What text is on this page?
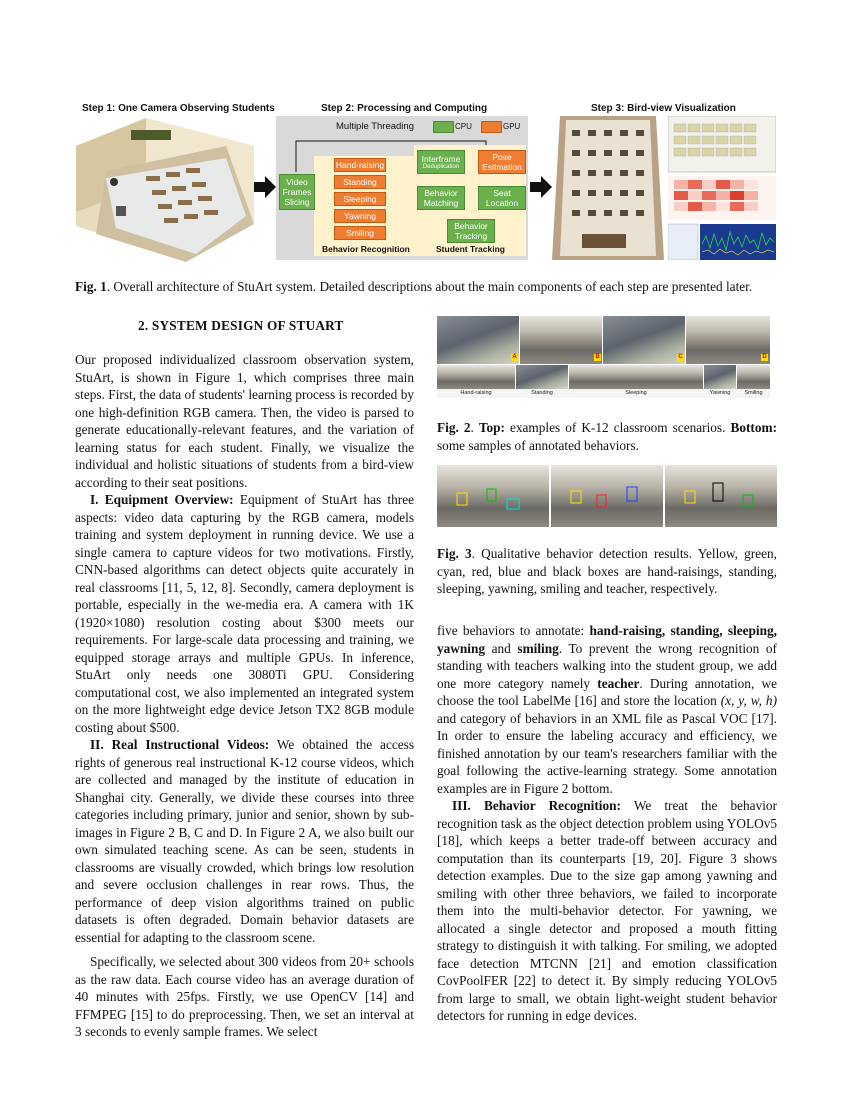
Step 1: One Camera Observing Students	Step 2: Processing and Computing	Step 3: Bird-view Visualization
Multiple Threading	CPU	GPU
Video Frames Slicing
Hand-raising
Standing
Sleeping
Yawning
Smiling
Interframe
Deduplication
Pose Estimation
Behavior Matching
Seat Location
Behavior Tracking
Behavior Recognition	Student Tracking
Fig. 1. Overall architecture of StuArt system. Detailed descriptions about the main components of each step are presented later.
2. SYSTEM DESIGN OF STUART

Our proposed individualized classroom observation system, StuArt, is shown in Figure 1, which comprises three main steps. First, the data of students' learning process is recorded by one high-definition RGB camera. Then, the video is parsed to generate educationally-relevant features, and the variation of learning status for each student. Finally, we visualize the individual and holistic situations of students from a bird-view according to their seat positions.

I. Equipment Overview: Equipment of StuArt has three aspects: video data capturing by the RGB camera, models training and system deployment in running device. We use a single camera to capture videos for two motivations. Firstly, CNN-based algorithms can detect objects quite accurately in real classrooms [11, 5, 12, 8]. Secondly, camera deployment is portable, especially in the we-media era. A camera with 1K (1920×1080) resolution costing about $300 meets our requirements. For large-scale data processing and training, we equipped storage arrays and multiple GPUs. In inference, StuArt only needs one 3080Ti GPU. Considering computational cost, we also implemented an integrated system on the more lightweight edge device Jetson TX2 8GB module costing about $500.

II. Real Instructional Videos: We obtained the access rights of generous real instructional K-12 course videos, which are collected and managed by the institute of education in Shanghai city. Generally, we divide these courses into three categories including primary, junior and senior, shown by sub-images in Figure 2 B, C and D. In Figure 2 A, we also built our own simulated teaching scene. As can be seen, students in classrooms are visually crowded, which brings low resolution and severe occlusion challenges in rear rows. Thus, the performance of deep vision algorithms trained on public datasets is often degraded. Domain behavior datasets are essential for adapting to the classroom scene.

Specifically, we selected about 300 videos from 20+ schools as the raw data. Each course video has an average duration of 40 minutes with 25fps. Firstly, we use OpenCV [14] and FFMPEG [15] to do preprocessing. Then, we set an interval at 3 seconds to evenly sample frames. We select

A	B	C	D
Hand-raising	Standing	Sleeping	Yawning	Smiling
Fig. 2. Top: examples of K-12 classroom scenarios. Bottom: some samples of annotated behaviors.
Fig. 3. Qualitative behavior detection results. Yellow, green, cyan, red, blue and black boxes are hand-raisings, standing, sleeping, yawning, smiling and teacher, respectively.

five behaviors to annotate: hand-raising, standing, sleeping, yawning and smiling. To prevent the wrong recognition of standing with teachers walking into the student group, we add one more category namely teacher. During annotation, we choose the tool LabelMe [16] and store the location (x, y, w, h) and category of behaviors in an XML file as Pascal VOC [17]. In order to ensure the labeling accuracy and efficiency, we finished annotation by our team's researchers familiar with the goal following the active-learning strategy. Some annotation examples are in Figure 2 bottom.

III. Behavior Recognition: We treat the behavior recognition task as the object detection problem using YOLOv5 [18], which keeps a better trade-off between accuracy and computation than its counterparts [19, 20]. Figure 3 shows detection examples. Due to the size gap among yawning and smiling with other three behaviors, we failed to incorporate them into the multi-behavior detector. For yawning, we allocated a single detector and proposed a mouth fitting strategy to distinguish it with talking. For smiling, we adopted face detection MTCNN [21] and emotion classification CovPoolFER [22] to detect it. By simply reducing YOLOv5 from large to small, we obtain light-weight student behavior detectors for running in edge devices.
